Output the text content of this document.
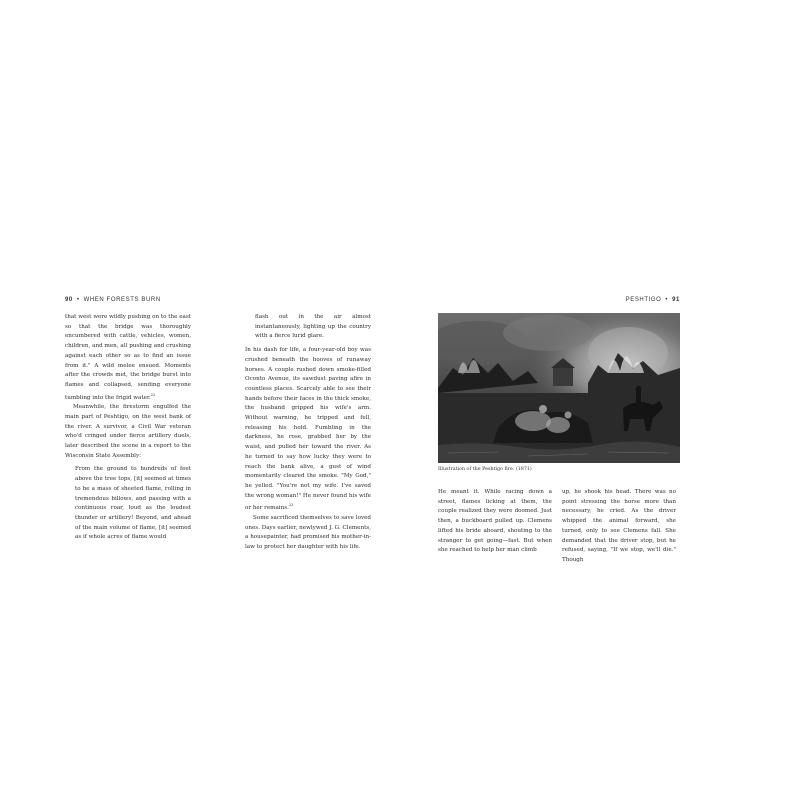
90 • WHEN FORESTS BURN

that west were wildly pushing on to the east so that the bridge was thoroughly encumbered with cattle, vehicles, women, children, and men, all pushing and crushing against each other so as to find an issue from it." A wild melee ensued. Moments after the crowds met, the bridge burst into flames and collapsed, sending everyone tumbling into the frigid water.$^{22}$

Meanwhile, the firestorm engulfed the main part of Peshtigo, on the west bank of the river. A survivor, a Civil War veteran who'd cringed under fierce artillery duels, later described the scene in a report to the Wisconsin State Assembly:

From the ground to hundreds of feet above the tree tops, [it] seemed at times to be a mass of sheeted flame, rolling in tremendous billows, and passing with a continuous roar, loud as the loudest thunder or artillery! Beyond, and ahead of the main volume of flame, [it] seemed as if whole acres of flame would

flash out in the air almost instantaneously, lighting up the country with a fierce lurid glare.

In his dash for life, a four-year-old boy was crushed beneath the hooves of runaway horses. A couple rushed down smoke-filled Oconto Avenue, its sawdust paving afire in countless places. Scarcely able to see their hands before their faces in the thick smoke, the husband gripped his wife's arm. Without warning, he tripped and fell, releasing his hold. Fumbling in the darkness, he rose, grabbed her by the waist, and pulled her toward the river. As he turned to say how lucky they were to reach the bank alive, a gust of wind momentarily cleared the smoke. "My God," he yelled. "You're not my wife. I've saved the wrong woman!" He never found his wife or her remains.$^{23}$

Some sacrificed themselves to save loved ones. Days earlier, newlywed J. G. Clements, a housepainter, had promised his mother-in-law to protect her daughter with his life.

PESHTIGO • 91
Illustration of the Peshtigo fire. (1871)

He meant it. While racing down a street, flames licking at them, the couple realized they were doomed. Just then, a buckboard pulled up. Clemens lifted his bride aboard, shouting to the stranger to get going—fast. But when she reached to help her man climb

up, he shook his head. There was no point stressing the horse more than necessary, he cried. As the driver whipped the animal forward, she turned, only to see Clemens fall. She demanded that the driver stop, but he refused, saying, "If we stop, we'll die." Though
